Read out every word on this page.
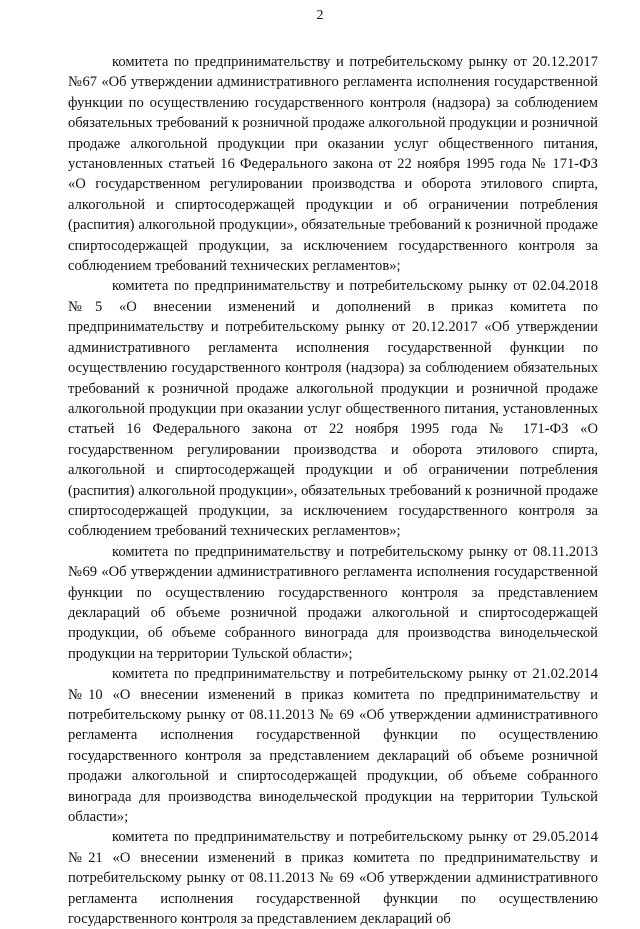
2

комитета по предпринимательству и потребительскому рынку от 20.12.2017 №67 «Об утверждении административного регламента исполнения государственной функции по осуществлению государственного контроля (надзора) за соблюдением обязательных требований к розничной продаже алкогольной продукции и розничной продаже алкогольной продукции при оказании услуг общественного питания, установленных статьей 16 Федерального закона от 22 ноября 1995 года № 171-ФЗ «О государственном регулировании производства и оборота этилового спирта, алкогольной и спиртосодержащей продукции и об ограничении потребления (распития) алкогольной продукции», обязательные требований к розничной продаже спиртосодержащей продукции, за исключением государственного контроля за соблюдением требований технических регламентов»;

комитета по предпринимательству и потребительскому рынку от 02.04.2018 №5 «О внесении изменений и дополнений в приказ комитета по предпринимательству и потребительскому рынку от 20.12.2017 «Об утверждении административного регламента исполнения государственной функции по осуществлению государственного контроля (надзора) за соблюдением обязательных требований к розничной продаже алкогольной продукции и розничной продаже алкогольной продукции при оказании услуг общественного питания, установленных статьей 16 Федерального закона от 22 ноября 1995 года № 171-ФЗ «О государственном регулировании производства и оборота этилового спирта, алкогольной и спиртосодержащей продукции и об ограничении потребления (распития) алкогольной продукции», обязательных требований к розничной продаже спиртосодержащей продукции, за исключением государственного контроля за соблюдением требований технических регламентов»;

комитета по предпринимательству и потребительскому рынку от 08.11.2013 №69 «Об утверждении административного регламента исполнения государственной функции по осуществлению государственного контроля за представлением деклараций об объеме розничной продажи алкогольной и спиртосодержащей продукции, об объеме собранного винограда для производства винодельческой продукции на территории Тульской области»;

комитета по предпринимательству и потребительскому рынку от 21.02.2014 №10 «О внесении изменений в приказ комитета по предпринимательству и потребительскому рынку от 08.11.2013 № 69 «Об утверждении административного регламента исполнения государственной функции по осуществлению государственного контроля за представлением деклараций об объеме розничной продажи алкогольной и спиртосодержащей продукции, об объеме собранного винограда для производства винодельческой продукции на территории Тульской области»;

комитета по предпринимательству и потребительскому рынку от 29.05.2014 №21 «О внесении изменений в приказ комитета по предпринимательству и потребительскому рынку от 08.11.2013 № 69 «Об утверждении административного регламента исполнения государственной функции по осуществлению государственного контроля за представлением деклараций об
